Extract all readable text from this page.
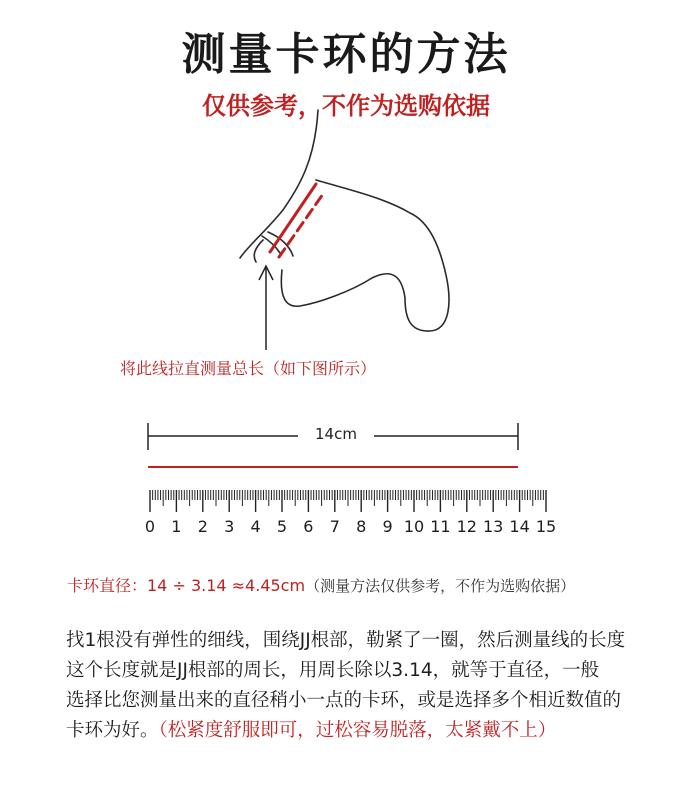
测量卡环的方法
仅供参考，不作为选购依据
将此线拉直测量总长（如下图所示）
14cm
0	1	2	3	4	5	6	7	8	9 10 11 12 13 14 15
卡环直径：14 ÷ 3.14 ≈4.45cm（测量方法仅供参考，不作为选购依据）
找1根没有弹性的细线，围绕JJ根部，勒紧了一圈，然后测量线的长度
这个长度就是JJ根部的周长，用周长除以3.14，就等于直径，一般
选择比您测量出来的直径稍小一点的卡环，或是选择多个相近数值的
卡环为好。（松紧度舒服即可，过松容易脱落，太紧戴不上）
